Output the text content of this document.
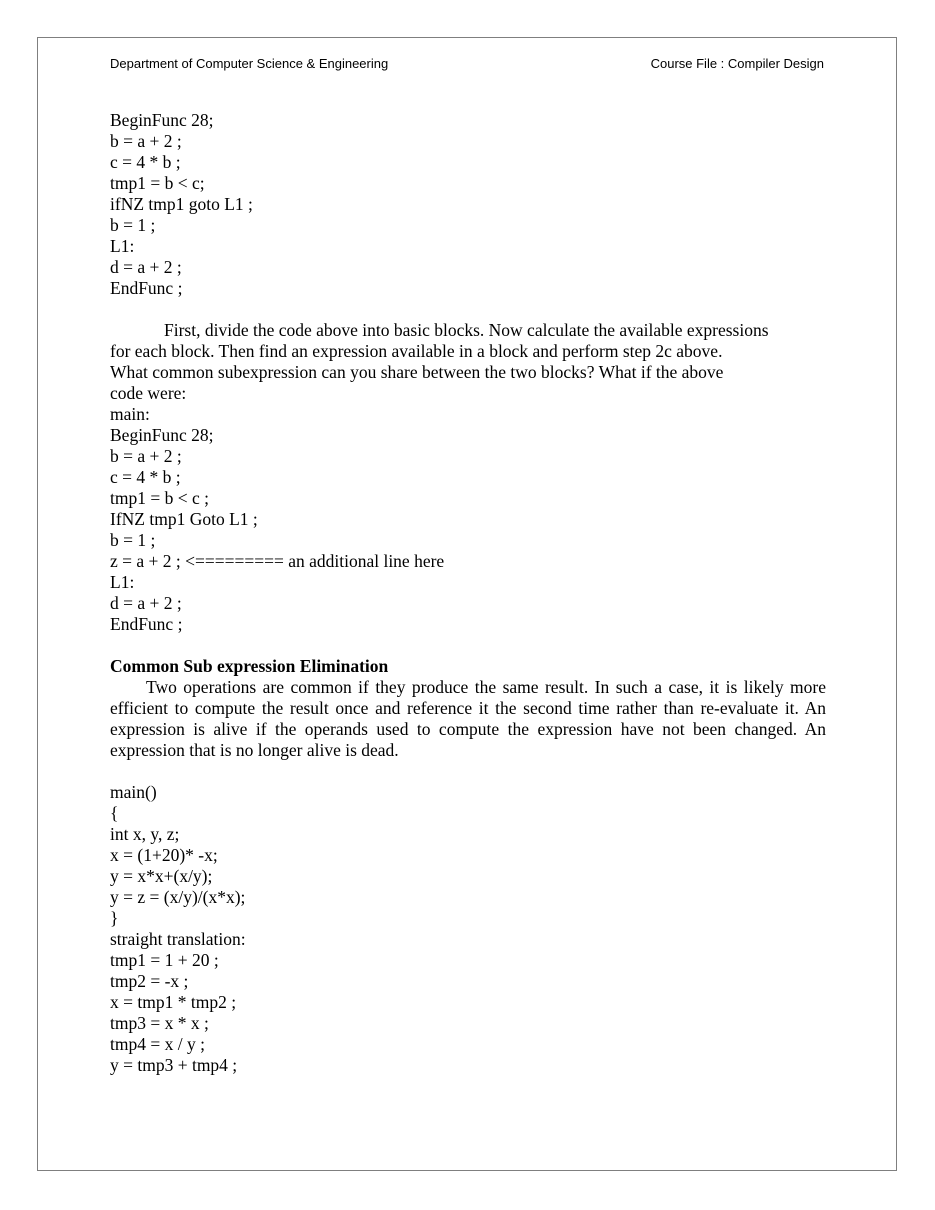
Department of Computer Science & Engineering	Course File : Compiler Design
BeginFunc 28;
b = a + 2 ;
c = 4 * b ;
tmp1 = b < c;
ifNZ tmp1 goto L1 ;
b = 1 ;
L1:
d = a + 2 ;
EndFunc ;
First, divide the code above into basic blocks. Now calculate the available expressions
for each block. Then find an expression available in a block and perform step 2c above.
What common subexpression can you share between the two blocks? What if the above
code were:
main:
BeginFunc 28;
b = a + 2 ;
c = 4 * b ;
tmp1 = b < c ;
IfNZ tmp1 Goto L1 ;
b = 1 ;
z = a + 2 ; <========= an additional line here
L1:
d = a + 2 ;
EndFunc ;
Common Sub expression Elimination
Two operations are common if they produce the same result. In such a case, it is likely more efficient to compute the result once and reference it the second time rather than re-evaluate it. An expression is alive if the operands used to compute the expression have not been changed. An expression that is no longer alive is dead.
main()
{
int x, y, z;
x = (1+20)* -x;
y = x*x+(x/y);
y = z = (x/y)/(x*x);
}
straight translation:
tmp1 = 1 + 20 ;
tmp2 = -x ;
x = tmp1 * tmp2 ;
tmp3 = x * x ;
tmp4 = x / y ;
y = tmp3 + tmp4 ;
